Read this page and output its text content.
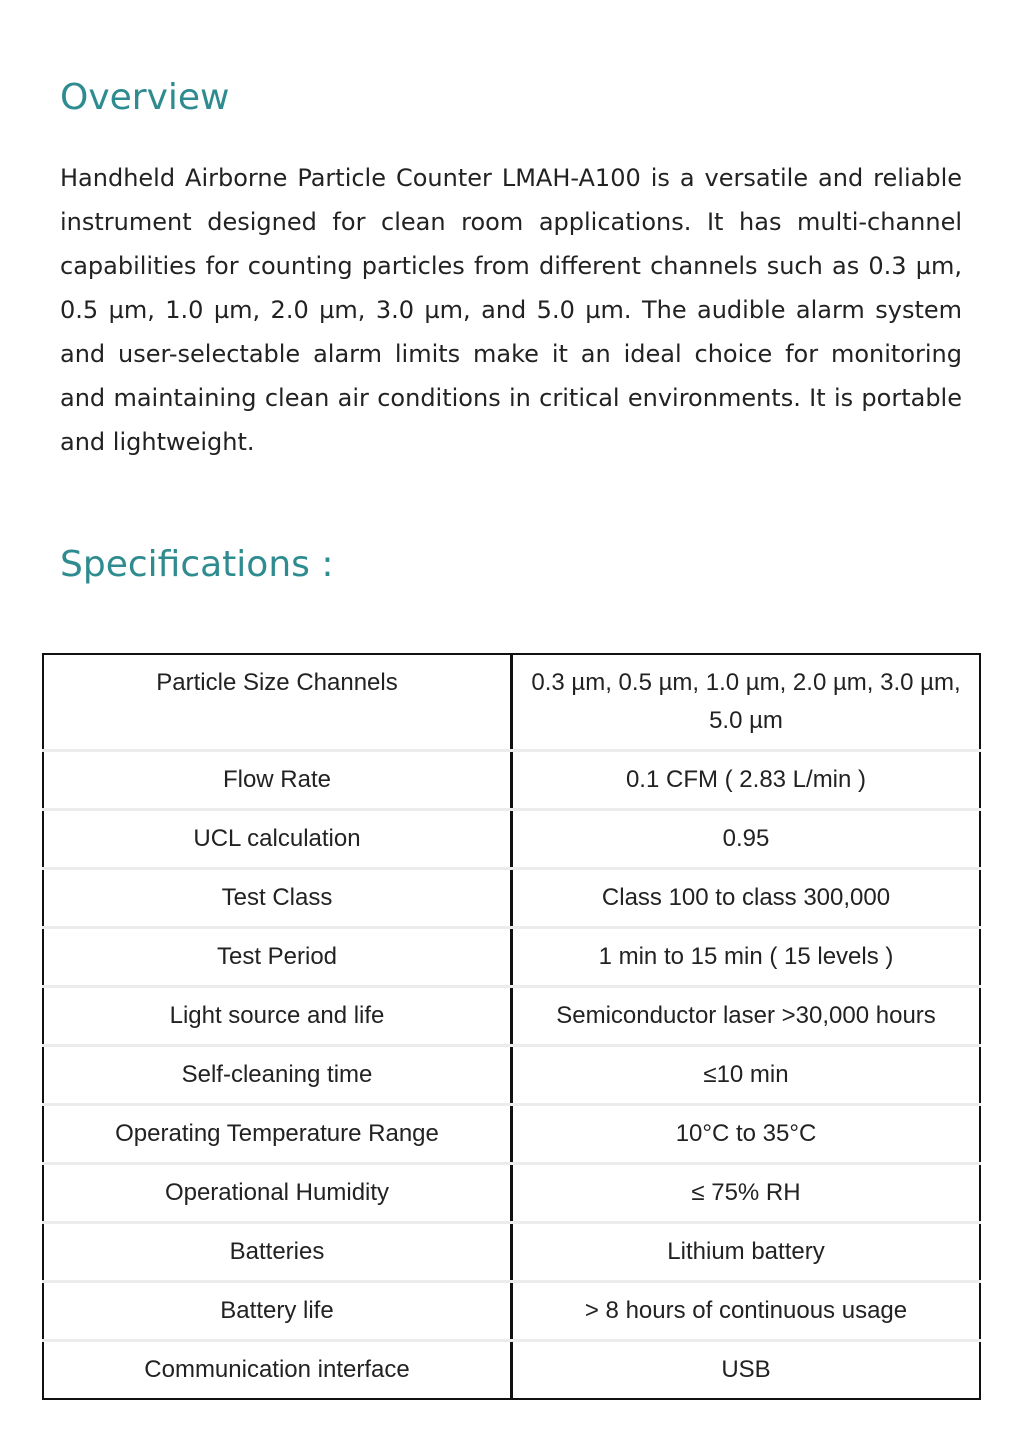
Overview

Handheld Airborne Particle Counter LMAH-A100 is a versatile and reliable instrument designed for clean room applications. It has multi-channel capabilities for counting particles from different channels such as 0.3 µm, 0.5 µm, 1.0 µm, 2.0 µm, 3.0 µm, and 5.0 µm. The audible alarm system and user-selectable alarm limits make it an ideal choice for monitoring and maintaining clean air conditions in critical environments. It is portable and lightweight.

Specifications :
Particle Size Channels	0.3 µm, 0.5 µm, 1.0 µm, 2.0 µm, 3.0 µm, 5.0 µm
Flow Rate	0.1 CFM ( 2.83 L/min )
UCL calculation	0.95
Test Class	Class 100 to class 300,000
Test Period	1 min to 15 min ( 15 levels )
Light source and life	Semiconductor laser >30,000 hours
Self-cleaning time	≤10 min
Operating Temperature Range	10°C to 35°C
Operational Humidity	≤ 75% RH
Batteries	Lithium battery
Battery life	> 8 hours of continuous usage
Communication interface	USB
